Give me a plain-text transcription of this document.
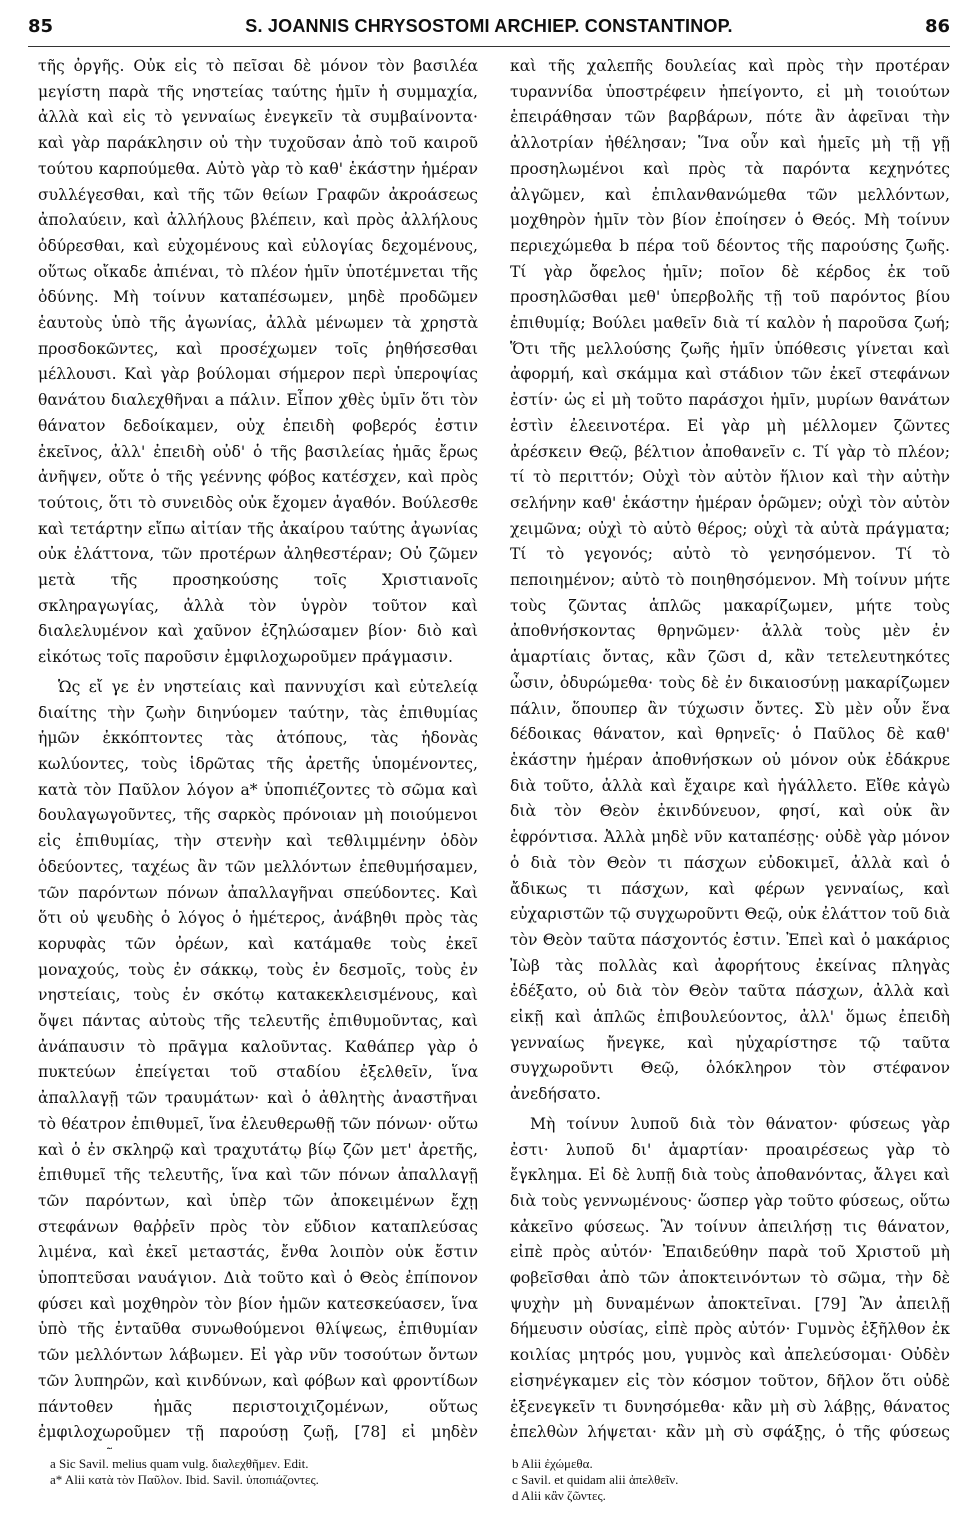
85	S. JOANNIS CHRYSOSTOMI ARCHIEP. CONSTANTINOP.	86

τῆς ὀργῆς. Οὐκ εἰς τὸ πεῖσαι δὲ μόνον τὸν βασιλέα μεγίστη παρὰ τῆς νηστείας ταύτης ἡμῖν ἡ συμμαχία, ἀλλὰ καὶ εἰς τὸ γενναίως ἐνεγκεῖν τὰ συμβαίνοντα· καὶ γὰρ παράκλησιν οὐ τὴν τυχοῦσαν ἀπὸ τοῦ καιροῦ τούτου καρπούμεθα. Αὐτὸ γὰρ τὸ καθ' ἑκάστην ἡμέραν συλλέγεσθαι, καὶ τῆς τῶν θείων Γραφῶν ἀκροάσεως ἀπολαύειν, καὶ ἀλλήλους βλέπειν, καὶ πρὸς ἀλλήλους ὀδύρεσθαι, καὶ εὐχομένους καὶ εὐλογίας δεχομένους, οὕτως οἴκαδε ἀπιέναι, τὸ πλέον ἡμῖν ὑποτέμνεται τῆς ὀδύνης. Μὴ τοίνυν καταπέσωμεν, μηδὲ προδῶμεν ἑαυτοὺς ὑπὸ τῆς ἀγωνίας, ἀλλὰ μένωμεν τὰ χρηστὰ προσδοκῶντες, καὶ προσέχωμεν τοῖς ῥηθήσεσθαι μέλλουσι. Καὶ γὰρ βούλομαι σήμερον περὶ ὑπεροψίας θανάτου διαλεχθῆναι a πάλιν. Εἶπον χθὲς ὑμῖν ὅτι τὸν θάνατον δεδοίκαμεν, οὐχ ἐπειδὴ φοβερός ἐστιν ἐκεῖνος, ἀλλ' ἐπειδὴ οὐδ' ὁ τῆς βασιλείας ἡμᾶς ἔρως ἀνῆψεν, οὔτε ὁ τῆς γεέννης φόβος κατέσχεν, καὶ πρὸς τούτοις, ὅτι τὸ συνειδὸς οὐκ ἔχομεν ἀγαθόν. Βούλεσθε καὶ τετάρτην εἴπω αἰτίαν τῆς ἀκαίρου ταύτης ἀγωνίας οὐκ ἐλάττονα, τῶν προτέρων ἀληθεστέραν; Οὐ ζῶμεν μετὰ τῆς προσηκούσης τοῖς Χριστιανοῖς σκληραγωγίας, ἀλλὰ τὸν ὑγρὸν τοῦτον καὶ διαλελυμένον καὶ χαῦνον ἐζηλώσαμεν βίον· διὸ καὶ εἰκότως τοῖς παροῦσιν ἐμφιλοχωροῦμεν πράγμασιν.

Ὡς εἴ γε ἐν νηστείαις καὶ παννυχίσι καὶ εὐτελείᾳ διαίτης τὴν ζωὴν διηνύομεν ταύτην, τὰς ἐπιθυμίας ἡμῶν ἐκκόπτοντες τὰς ἀτόπους, τὰς ἡδονὰς κωλύοντες, τοὺς ἱδρῶτας τῆς ἀρετῆς ὑπομένοντες, κατὰ τὸν Παῦλον λόγον a* ὑποπιέζοντες τὸ σῶμα καὶ δουλαγωγοῦντες, τῆς σαρκὸς πρόνοιαν μὴ ποιούμενοι εἰς ἐπιθυμίας, τὴν στενὴν καὶ τεθλιμμένην ὁδὸν ὁδεύοντες, ταχέως ἂν τῶν μελλόντων ἐπεθυμήσαμεν, τῶν παρόντων πόνων ἀπαλλαγῆναι σπεύδοντες. Καὶ ὅτι οὐ ψευδὴς ὁ λόγος ὁ ἡμέτερος, ἀνάβηθι πρὸς τὰς κορυφὰς τῶν ὀρέων, καὶ κατάμαθε τοὺς ἐκεῖ μοναχούς, τοὺς ἐν σάκκῳ, τοὺς ἐν δεσμοῖς, τοὺς ἐν νηστείαις, τοὺς ἐν σκότῳ κατακεκλεισμένους, καὶ ὄψει πάντας αὐτοὺς τῆς τελευτῆς ἐπιθυμοῦντας, καὶ ἀνάπαυσιν τὸ πρᾶγμα καλοῦντας. Καθάπερ γὰρ ὁ πυκτεύων ἐπείγεται τοῦ σταδίου ἐξελθεῖν, ἵνα ἀπαλλαγῇ τῶν τραυμάτων· καὶ ὁ ἀθλητὴς ἀναστῆναι τὸ θέατρον ἐπιθυμεῖ, ἵνα ἐλευθερωθῇ τῶν πόνων· οὕτω καὶ ὁ ἐν σκληρῷ καὶ τραχυτάτῳ βίῳ ζῶν μετ' ἀρετῆς, ἐπιθυμεῖ τῆς τελευτῆς, ἵνα καὶ τῶν πόνων ἀπαλλαγῇ τῶν παρόντων, καὶ ὑπὲρ τῶν ἀποκειμένων ἔχῃ στεφάνων θαῤῥεῖν πρὸς τὸν εὔδιον καταπλεύσας λιμένα, καὶ ἐκεῖ μεταστάς, ἔνθα λοιπὸν οὐκ ἔστιν ὑποπτεῦσαι ναυάγιον. Διὰ τοῦτο καὶ ὁ Θεὸς ἐπίπονον φύσει καὶ μοχθηρὸν τὸν βίον ἡμῶν κατεσκεύασεν, ἵνα ὑπὸ τῆς ἐνταῦθα συνωθούμενοι θλίψεως, ἐπιθυμίαν τῶν μελλόντων λάβωμεν. Εἰ γὰρ νῦν τοσούτων ὄντων τῶν λυπηρῶν, καὶ κινδύνων, καὶ φόβων καὶ φροντίδων πάντοθεν ἡμᾶς περιστοιχιζομένων, οὕτως ἐμφιλοχωροῦμεν τῇ παρούσῃ ζωῇ, [78] εἰ μηδὲν

καὶ τῆς χαλεπῆς δουλείας καὶ πρὸς τὴν προτέραν τυραννίδα ὑποστρέφειν ἠπείγοντο, εἰ μὴ τοιούτων ἐπειράθησαν τῶν βαρβάρων, πότε ἂν ἀφεῖναι τὴν ἀλλοτρίαν ἠθέλησαν; Ἵνα οὖν καὶ ἡμεῖς μὴ τῇ γῇ προσηλωμένοι καὶ πρὸς τὰ παρόντα κεχηνότες ἀλγῶμεν, καὶ ἐπιλανθανώμεθα τῶν μελλόντων, μοχθηρὸν ἡμῖν τὸν βίον ἐποίησεν ὁ Θεός. Μὴ τοίνυν περιεχώμεθα b πέρα τοῦ δέοντος τῆς παρούσης ζωῆς. Τί γὰρ ὄφελος ἡμῖν; ποῖον δὲ κέρδος ἐκ τοῦ προσηλῶσθαι μεθ' ὑπερβολῆς τῇ τοῦ παρόντος βίου ἐπιθυμίᾳ; Βούλει μαθεῖν διὰ τί καλὸν ἡ παροῦσα ζωή; Ὅτι τῆς μελλούσης ζωῆς ἡμῖν ὑπόθεσις γίνεται καὶ ἀφορμή, καὶ σκάμμα καὶ στάδιον τῶν ἐκεῖ στεφάνων ἐστίν· ὡς εἰ μὴ τοῦτο παράσχοι ἡμῖν, μυρίων θανάτων ἐστὶν ἐλεεινοτέρα. Εἰ γὰρ μὴ μέλλομεν ζῶντες ἀρέσκειν Θεῷ, βέλτιον ἀποθανεῖν c. Τί γὰρ τὸ πλέον; τί τὸ περιττόν; Οὐχὶ τὸν αὐτὸν ἥλιον καὶ τὴν αὐτὴν σελήνην καθ' ἑκάστην ἡμέραν ὁρῶμεν; οὐχὶ τὸν αὐτὸν χειμῶνα; οὐχὶ τὸ αὐτὸ θέρος; οὐχὶ τὰ αὐτὰ πράγματα; Τί τὸ γεγονός; αὐτὸ τὸ γενησόμενον. Τί τὸ πεποιημένον; αὐτὸ τὸ ποιηθησόμενον. Μὴ τοίνυν μήτε τοὺς ζῶντας ἁπλῶς μακαρίζωμεν, μήτε τοὺς ἀποθνήσκοντας θρηνῶμεν· ἀλλὰ τοὺς μὲν ἐν ἁμαρτίαις ὄντας, κἂν ζῶσι d, κἂν τετελευτηκότες ὦσιν, ὀδυρώμεθα· τοὺς δὲ ἐν δικαιοσύνῃ μακαρίζωμεν πάλιν, ὅπουπερ ἂν τύχωσιν ὄντες. Σὺ μὲν οὖν ἕνα δέδοικας θάνατον, καὶ θρηνεῖς· ὁ Παῦλος δὲ καθ' ἑκάστην ἡμέραν ἀποθνήσκων οὐ μόνον οὐκ ἐδάκρυε διὰ τοῦτο, ἀλλὰ καὶ ἔχαιρε καὶ ἠγάλλετο. Εἴθε κἀγὼ διὰ τὸν Θεὸν ἐκινδύνευον, φησί, καὶ οὐκ ἂν ἐφρόντισα. Ἀλλὰ μηδὲ νῦν καταπέσῃς· οὐδὲ γὰρ μόνον ὁ διὰ τὸν Θεὸν τι πάσχων εὐδοκιμεῖ, ἀλλὰ καὶ ὁ ἄδικως τι πάσχων, καὶ φέρων γενναίως, καὶ εὐχαριστῶν τῷ συγχωροῦντι Θεῷ, οὐκ ἐλάττον τοῦ διὰ τὸν Θεὸν ταῦτα πάσχοντός ἐστιν. Ἐπεὶ καὶ ὁ μακάριος Ἰὼβ τὰς πολλὰς καὶ ἀφορήτους ἐκείνας πληγὰς ἐδέξατο, οὐ διὰ τὸν Θεὸν ταῦτα πάσχων, ἀλλὰ καὶ εἰκῇ καὶ ἁπλῶς ἐπιβουλεύοντος, ἀλλ' ὅμως ἐπειδὴ γενναίως ἤνεγκε, καὶ ηὐχαρίστησε τῷ ταῦτα συγχωροῦντι Θεῷ, ὁλόκληρον τὸν στέφανον ἀνεδήσατο.

Μὴ τοίνυν λυποῦ διὰ τὸν θάνατον· φύσεως γὰρ ἐστι· λυποῦ δι' ἁμαρτίαν· προαιρέσεως γὰρ τὸ ἔγκλημα. Εἰ δὲ λυπῇ διὰ τοὺς ἀποθανόντας, ἄλγει καὶ διὰ τοὺς γεννωμένους· ὥσπερ γὰρ τοῦτο φύσεως, οὕτω κἀκεῖνο φύσεως. Ἂν τοίνυν ἀπειλήσῃ τις θάνατον, εἰπὲ πρὸς αὐτόν· Ἐπαιδεύθην παρὰ τοῦ Χριστοῦ μὴ φοβεῖσθαι ἀπὸ τῶν ἀποκτεινόντων τὸ σῶμα, τὴν δὲ ψυχὴν μὴ δυναμένων ἀποκτεῖναι. [79] Ἂν ἀπειλῇ δήμευσιν οὐσίας, εἰπὲ πρὸς αὐτόν· Γυμνὸς ἐξῆλθον ἐκ κοιλίας μητρός μου, γυμνὸς καὶ ἀπελεύσομαι· Οὐδὲν εἰσηνέγκαμεν εἰς τὸν κόσμον τοῦτον, δῆλον ὅτι οὐδὲ ἐξενεγκεῖν τι δυνησόμεθα· κἂν μὴ σὺ λάβῃς, θάνατος ἐπελθὼν λήψεται· κἂν μὴ σὺ σφάξῃς, ὁ τῆς φύσεως

a Sic Savil. melius quam vulg. διαλεχθῆμεν. Edit.
a* Alii κατὰ τὸν Παῦλον. Ibid. Savil. ὑποπιάζοντες.
b Alii ἐχώμεθα.
c Savil. et quidam alii ἀπελθεῖν.
d Alii κἂν ζῶντες.
